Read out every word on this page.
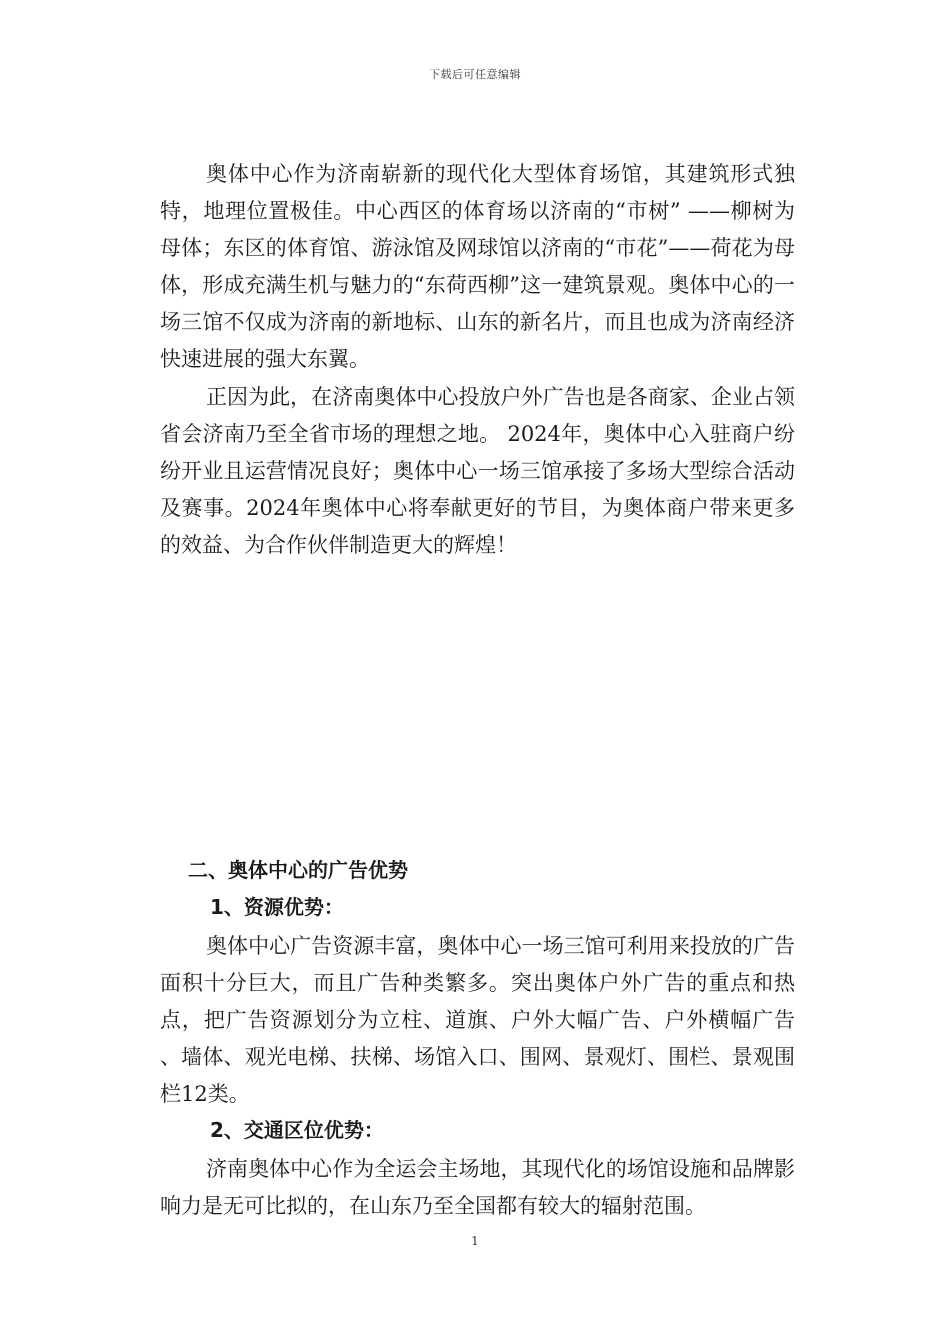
下载后可任意编辑

奥体中心作为济南崭新的现代化大型体育场馆，其建筑形式独特，地理位置极佳。中心西区的体育场以济南的“市树” ——柳树为母体；东区的体育馆、游泳馆及网球馆以济南的“市花”——荷花为母体，形成充满生机与魅力的“东荷西柳”这一建筑景观。奥体中心的一场三馆不仅成为济南的新地标、山东的新名片，而且也成为济南经济快速进展的强大东翼。

正因为此，在济南奥体中心投放户外广告也是各商家、企业占领省会济南乃至全省市场的理想之地。 2024年，奥体中心入驻商户纷纷开业且运营情况良好；奥体中心一场三馆承接了多场大型综合活动及赛事。2024年奥体中心将奉献更好的节目，为奥体商户带来更多的效益、为合作伙伴制造更大的辉煌！

二、奥体中心的广告优势
1、资源优势：

奥体中心广告资源丰富，奥体中心一场三馆可利用来投放的广告面积十分巨大，而且广告种类繁多。突出奥体户外广告的重点和热点，把广告资源划分为立柱、道旗、户外大幅广告、户外横幅广告 、墙体、观光电梯、扶梯、场馆入口、围网、景观灯、围栏、景观围栏12类。

2、交通区位优势：

济南奥体中心作为全运会主场地，其现代化的场馆设施和品牌影响力是无可比拟的，在山东乃至全国都有较大的辐射范围。

1
